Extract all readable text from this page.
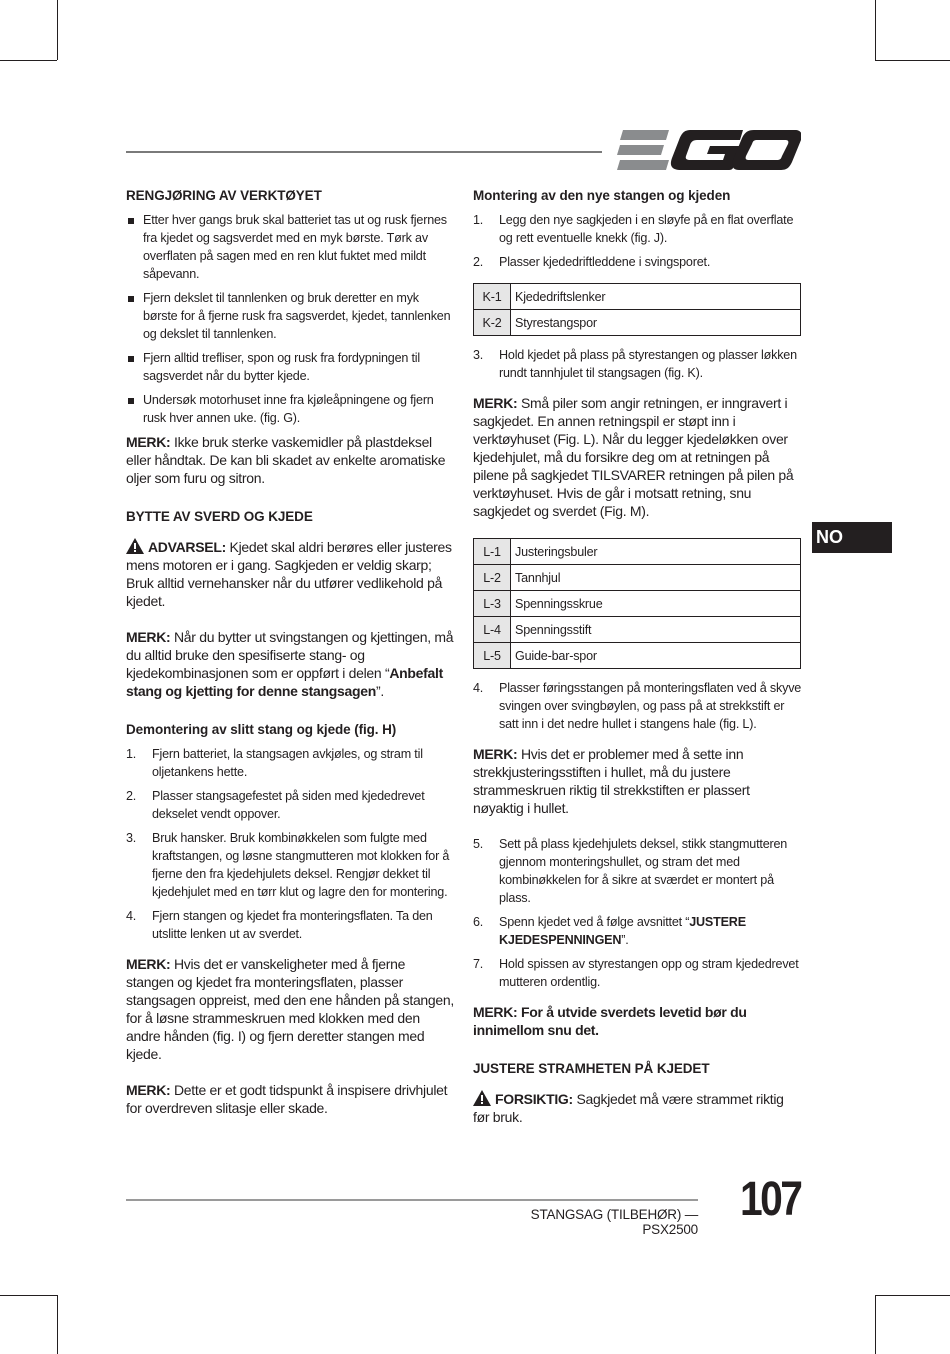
RENGJØRING AV VERKTØYET
Etter hver gangs bruk skal batteriet tas ut og rusk fjernes fra kjedet og sagsverdet med en myk børste. Tørk av overflaten på sagen med en ren klut fuktet med mildt såpevann.
Fjern dekslet til tannlenken og bruk deretter en myk børste for å fjerne rusk fra sagsverdet, kjedet, tannlenken og dekslet til tannlenken.
Fjern alltid trefliser, spon og rusk fra fordypningen til sagsverdet når du bytter kjede.
Undersøk motorhuset inne fra kjøleåpningene og fjern rusk hver annen uke. (fig. G).

MERK: Ikke bruk sterke vaskemidler på plastdeksel eller håndtak. De kan bli skadet av enkelte aromatiske oljer som furu og sitron.

BYTTE AV SVERD OG KJEDE

ADVARSEL: Kjedet skal aldri berøres eller justeres mens motoren er i gang. Sagkjeden er veldig skarp; Bruk alltid vernehansker når du utfører vedlikehold på kjedet.

MERK: Når du bytter ut svingstangen og kjettingen, må du alltid bruke den spesifiserte stang- og kjedekombinasjonen som er oppført i delen “Anbefalt stang og kjetting for denne stangsagen”.

Demontering av slitt stang og kjede (fig. H)
1. Fjern batteriet, la stangsagen avkjøles, og stram til oljetankens hette.
2. Plasser stangsagefestet på siden med kjededrevet dekselet vendt oppover.
3. Bruk hansker. Bruk kombinøkkelen som fulgte med kraftstangen, og løsne stangmutteren mot klokken for å fjerne den fra kjedehjulets deksel. Rengjør dekket til kjedehjulet med en tørr klut og lagre den for montering.
4. Fjern stangen og kjedet fra monteringsflaten. Ta den utslitte lenken ut av sverdet.

MERK: Hvis det er vanskeligheter med å fjerne stangen og kjedet fra monteringsflaten, plasser stangsagen oppreist, med den ene hånden på stangen, for å løsne strammeskruen med klokken med den andre hånden (fig. I) og fjern deretter stangen med kjede.

MERK: Dette er et godt tidspunkt å inspisere drivhjulet for overdreven slitasje eller skade.

Montering av den nye stangen og kjeden
1. Legg den nye sagkjeden i en sløyfe på en flat overflate og rett eventuelle knekk (fig. J).
2. Plasser kjededriftleddene i svingsporet.
K-1	Kjededriftslenker
K-2	Styrestangspor
3. Hold kjedet på plass på styrestangen og plasser løkken rundt tannhjulet til stangsagen (fig. K).

MERK: Små piler som angir retningen, er inngravert i sagkjedet. En annen retningspil er støpt inn i verktøyhuset (Fig. L). Når du legger kjedeløkken over kjedehjulet, må du forsikre deg om at retningen på pilene på sagkjedet TILSVARER retningen på pilen på verktøyhuset. Hvis de går i motsatt retning, snu sagkjedet og sverdet (Fig. M).

L-1	Justeringsbuler
L-2	Tannhjul
L-3	Spenningsskrue
L-4	Spenningsstift
L-5	Guide-bar-spor
4. Plasser føringsstangen på monteringsflaten ved å skyve svingen over svingbøylen, og pass på at strekkstift er satt inn i det nedre hullet i stangens hale (fig. L).

MERK: Hvis det er problemer med å sette inn strekkjusteringsstiften i hullet, må du justere strammeskruen riktig til strekkstiften er plassert nøyaktig i hullet.

5. Sett på plass kjedehjulets deksel, stikk stangmutteren gjennom monteringshullet, og stram det med kombinøkkelen for å sikre at sværdet er montert på plass.
6. Spenn kjedet ved å følge avsnittet “JUSTERE KJEDESPENNINGEN”.
7. Hold spissen av styrestangen opp og stram kjededrevet mutteren ordentlig.

MERK: For å utvide sverdets levetid bør du innimellom snu det.

JUSTERE STRAMHETEN PÅ KJEDET

FORSIKTIG: Sagkjedet må være strammet riktig før bruk.

NO
STANGSAG (TILBEHØR) — PSX2500
107
